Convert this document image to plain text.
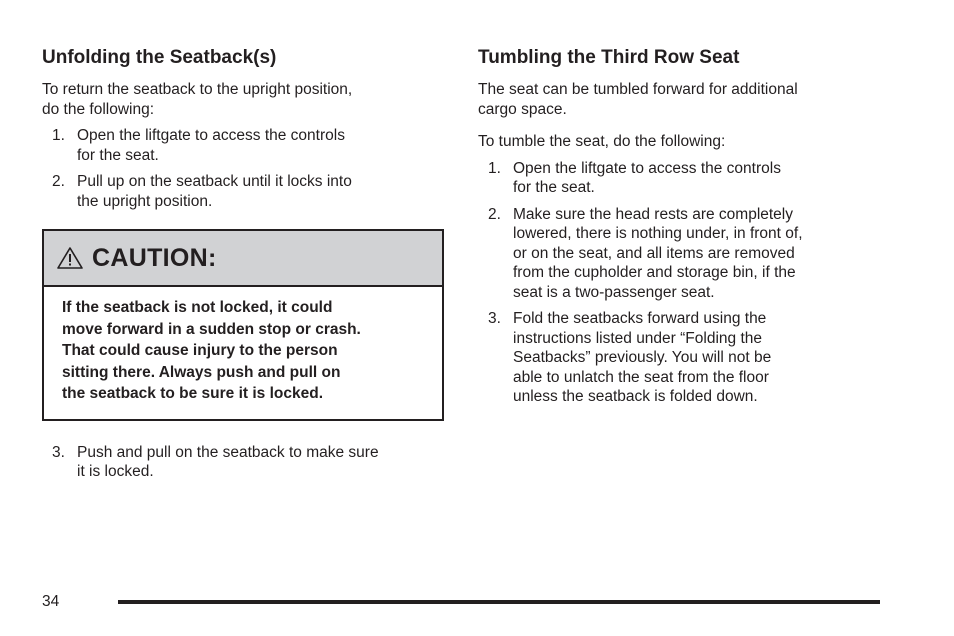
Unfolding the Seatback(s)

To return the seatback to the upright position,
do the following:

1. Open the liftgate to access the controls
for the seat.
2. Pull up on the seatback until it locks into
the upright position.
CAUTION:
If the seatback is not locked, it could
move forward in a sudden stop or crash.
That could cause injury to the person
sitting there. Always push and pull on
the seatback to be sure it is locked.
3. Push and pull on the seatback to make sure
it is locked.
Tumbling the Third Row Seat

The seat can be tumbled forward for additional
cargo space.

To tumble the seat, do the following:

1. Open the liftgate to access the controls
for the seat.
2. Make sure the head rests are completely
lowered, there is nothing under, in front of,
or on the seat, and all items are removed
from the cupholder and storage bin, if the
seat is a two-passenger seat.
3. Fold the seatbacks forward using the
instructions listed under “Folding the
Seatbacks” previously. You will not be
able to unlatch the seat from the floor
unless the seatback is folded down.
34
